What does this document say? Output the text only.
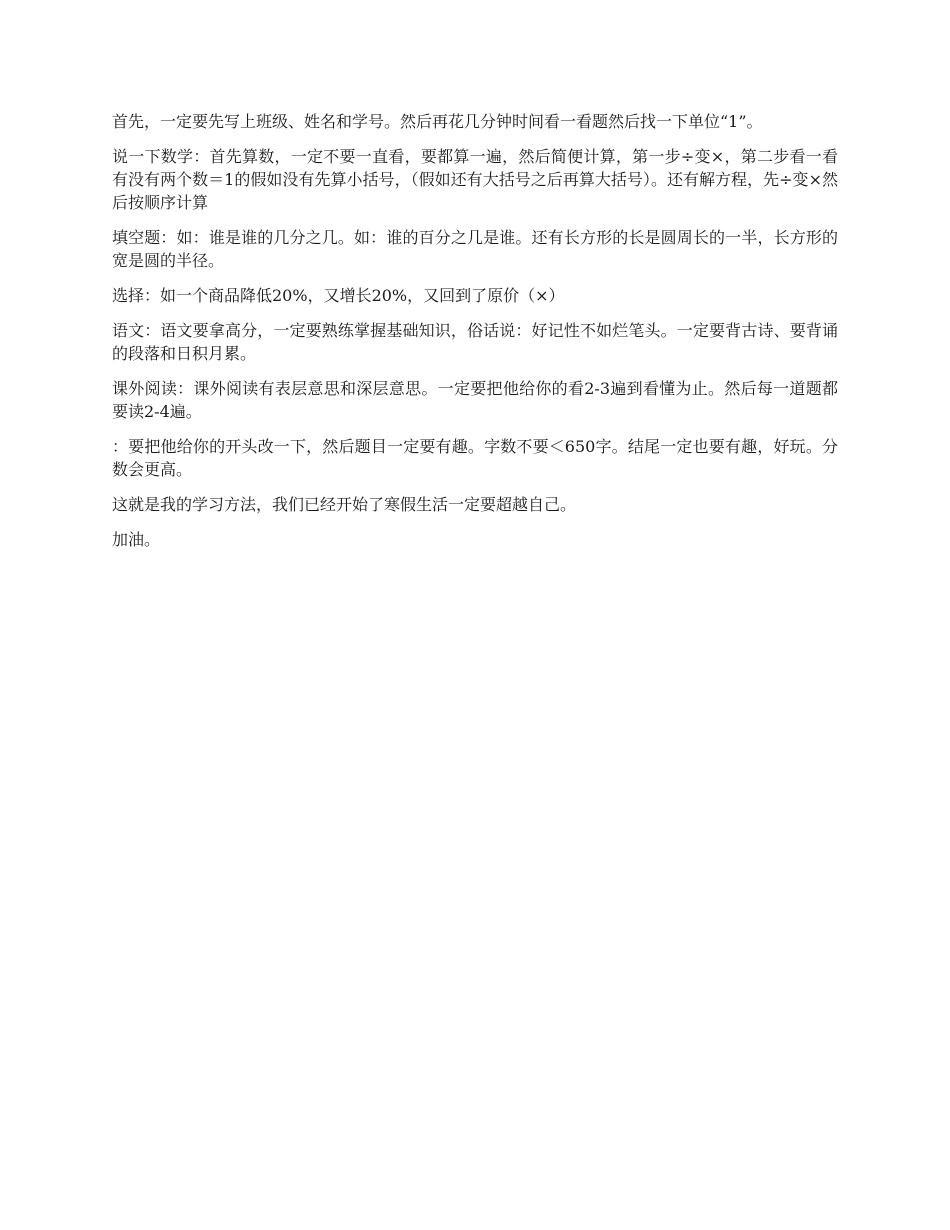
首先，一定要先写上班级、姓名和学号。然后再花几分钟时间看一看题然后找一下单位“1”。

说一下数学：首先算数，一定不要一直看，要都算一遍，然后简便计算，第一步÷变×，第二步看一看有没有两个数＝1的假如没有先算小括号，（假如还有大括号之后再算大括号）。还有解方程，先÷变×然后按顺序计算

填空题：如：谁是谁的几分之几。如：谁的百分之几是谁。还有长方形的长是圆周长的一半，长方形的宽是圆的半径。

选择：如一个商品降低20%，又增长20%，又回到了原价（×）

语文：语文要拿高分，一定要熟练掌握基础知识，俗话说：好记性不如烂笔头。一定要背古诗、要背诵的段落和日积月累。

课外阅读：课外阅读有表层意思和深层意思。一定要把他给你的看2-3遍到看懂为止。然后每一道题都要读2-4遍。

：要把他给你的开头改一下，然后题目一定要有趣。字数不要＜650字。结尾一定也要有趣，好玩。分数会更高。

这就是我的学习方法，我们已经开始了寒假生活一定要超越自己。

加油。
